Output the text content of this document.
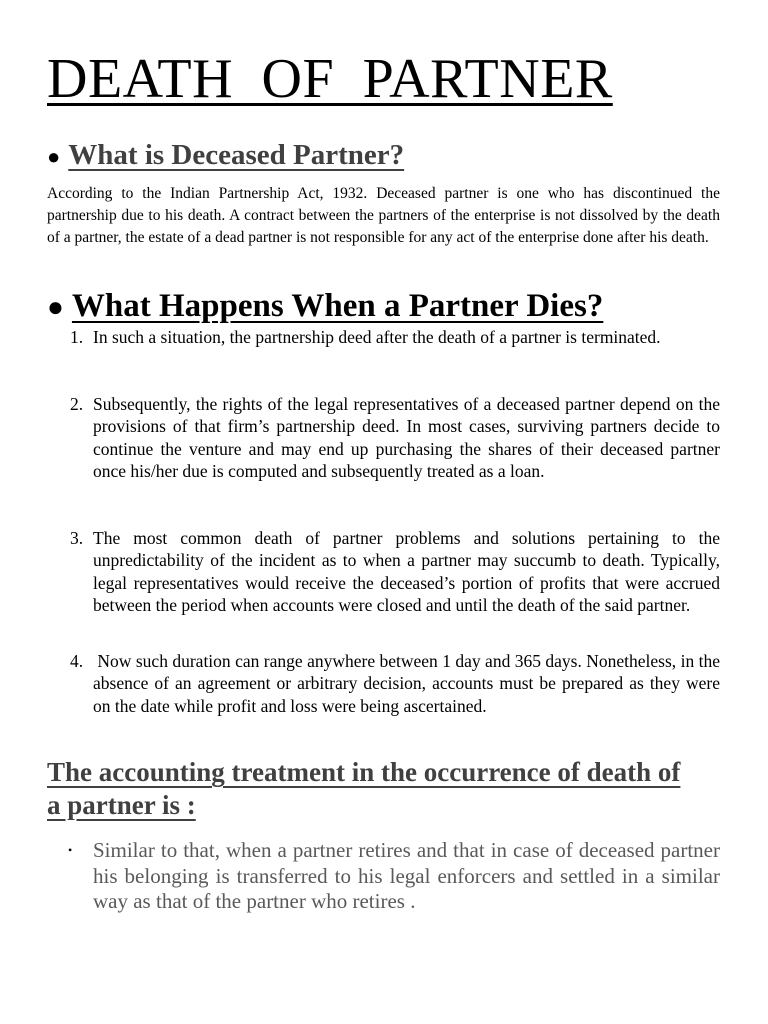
DEATH OF PARTNER
● What is Deceased Partner?

According to the Indian Partnership Act, 1932. Deceased partner is one who has discontinued the partnership due to his death. A contract between the partners of the enterprise is not dissolved by the death of a partner, the estate of a dead partner is not responsible for any act of the enterprise done after his death.

● What Happens When a Partner Dies?
1. In such a situation, the partnership deed after the death of a partner is terminated.
2. Subsequently, the rights of the legal representatives of a deceased partner depend on the provisions of that firm’s partnership deed. In most cases, surviving partners decide to continue the venture and may end up purchasing the shares of their deceased partner once his/her due is computed and subsequently treated as a loan.
3. The most common death of partner problems and solutions pertaining to the unpredictability of the incident as to when a partner may succumb to death. Typically, legal representatives would receive the deceased’s portion of profits that were accrued between the period when accounts were closed and until the death of the said partner.
4. Now such duration can range anywhere between 1 day and 365 days. Nonetheless, in the absence of an agreement or arbitrary decision, accounts must be prepared as they were on the date while profit and loss were being ascertained.
The accounting treatment in the occurrence of death of a partner is :
• Similar to that, when a partner retires and that in case of deceased partner his belonging is transferred to his legal enforcers and settled in a similar way as that of the partner who retires .
